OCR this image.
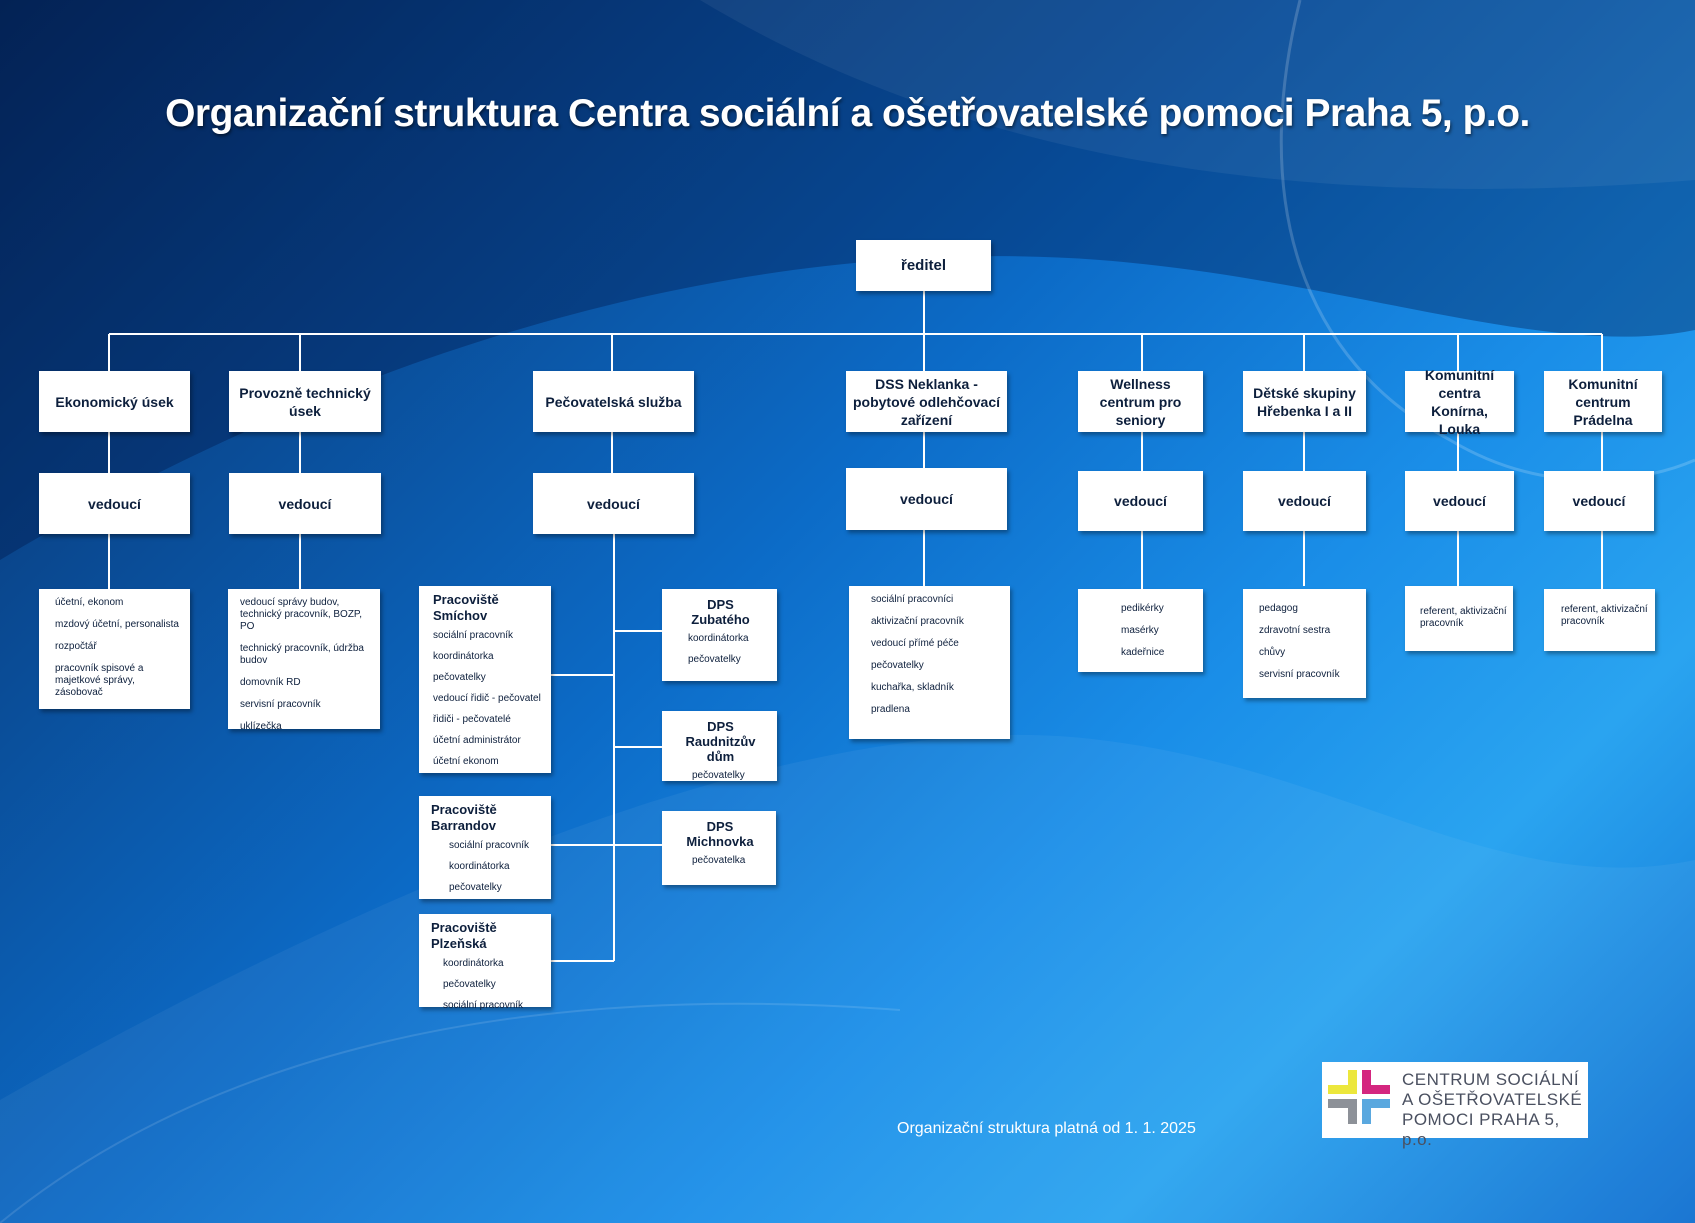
Organizační struktura Centra sociální a ošetřovatelské pomoci Praha 5, p.o.
ředitel
Ekonomický úsek
Provozně technický úsek
Pečovatelská služba
DSS Neklanka - pobytové odlehčovací zařízení
Wellness centrum pro seniory
Dětské skupiny Hřebenka I a II
Komunitní centra Konírna, Louka
Komunitní centrum Prádelna
vedoucí	vedoucí	vedoucí	vedoucí	vedoucí	vedoucí	vedoucí	vedoucí
účetní, ekonom
mzdový účetní, personalista
rozpočtář
pracovník spisové a majetkové správy, zásobovač
vedoucí správy budov, technický pracovník, BOZP, PO
technický pracovník, údržba budov
domovník RD
servisní pracovník
uklízečka
sociální pracovníci
aktivizační pracovník
vedoucí přímé péče
pečovatelky
kuchařka, skladník
pradlena
pedikérky
masérky
kadeřnice
pedagog
zdravotní sestra
chůvy
servisní pracovník
referent, aktivizační pracovník
referent, aktivizační pracovník
Pracoviště Smíchov
sociální pracovník
koordinátorka
pečovatelky
vedoucí řidič - pečovatel
řidiči - pečovatelé
účetní administrátor
účetní ekonom
Pracoviště Barrandov
sociální pracovník
koordinátorka
pečovatelky
Pracoviště Plzeňská
koordinátorka
pečovatelky
sociální pracovník
DPS Zubatého
koordinátorka
pečovatelky
DPS Raudnitzův dům
pečovatelky
DPS Michnovka
pečovatelka
Organizační struktura platná od 1. 1. 2025
CENTRUM SOCIÁLNÍ
A OŠETŘOVATELSKÉ
POMOCI PRAHA 5, p.o.
